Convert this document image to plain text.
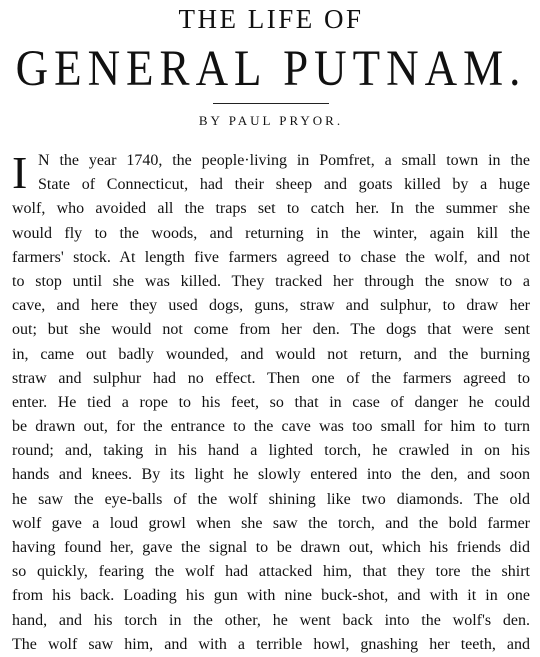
THE LIFE OF
GENERAL PUTNAM.
BY PAUL PRYOR.
I N the year 1740, the people·living in Pomfret, a small town in the
State of Connecticut, had their sheep and goats killed by a huge
wolf, who avoided all the traps set to catch her. In the summer she
would fly to the woods, and returning in the winter, again kill the
farmers' stock. At length five farmers agreed to chase the wolf, and not
to stop until she was killed. They tracked her through the snow to a
cave, and here they used dogs, guns, straw and sulphur, to draw her
out; but she would not come from her den. The dogs that were sent
in, came out badly wounded, and would not return, and the burning
straw and sulphur had no effect. Then one of the farmers agreed to
enter. He tied a rope to his feet, so that in case of danger he could
be drawn out, for the entrance to the cave was too small for him to turn
round; and, taking in his hand a lighted torch, he crawled in on his
hands and knees. By its light he slowly entered into the den, and soon
he saw the eye-balls of the wolf shining like two diamonds. The old
wolf gave a loud growl when she saw the torch, and the bold farmer
having found her, gave the signal to be drawn out, which his friends did
so quickly, fearing the wolf had attacked him, that they tore the shirt
from his back. Loading his gun with nine buck-shot, and with it in one
hand, and his torch in the other, he went back into the wolf's den.
The wolf saw him, and with a terrible howl, gnashing her teeth, and
